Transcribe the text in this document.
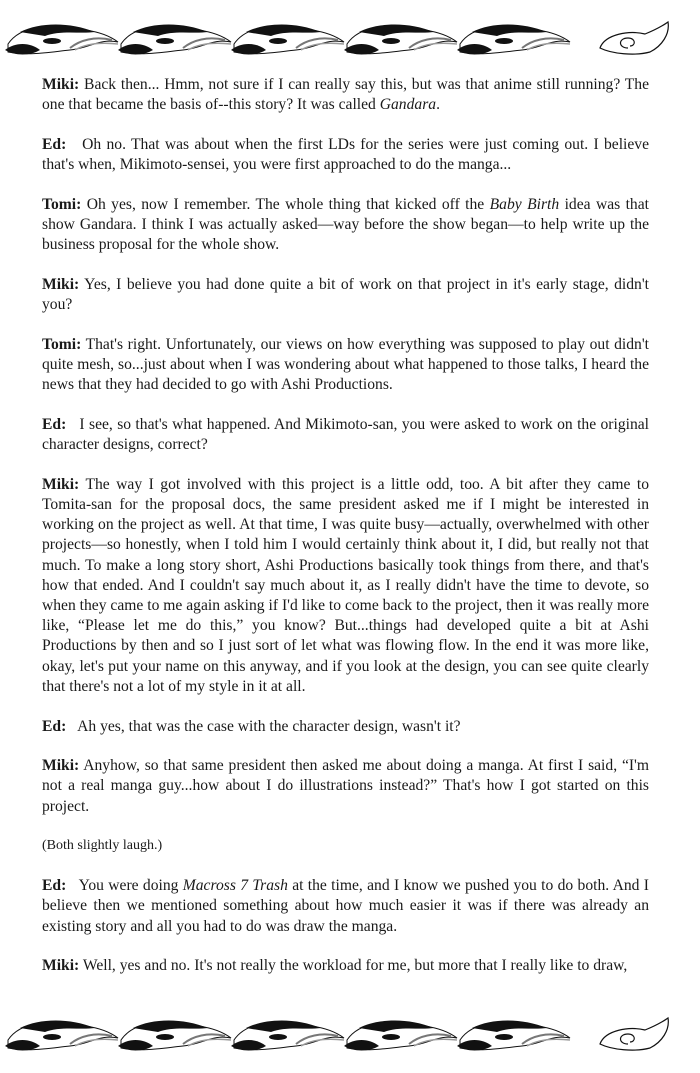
Miki: Back then... Hmm, not sure if I can really say this, but was that anime still running? The one that became the basis of--this story? It was called Gandara.

Ed:   Oh no. That was about when the first LDs for the series were just coming out. I believe that's when, Mikimoto-sensei, you were first approached to do the manga...

Tomi: Oh yes, now I remember. The whole thing that kicked off the Baby Birth idea was that show Gandara. I think I was actually asked—way before the show began—to help write up the business proposal for the whole show.

Miki: Yes, I believe you had done quite a bit of work on that project in it's early stage, didn't you?

Tomi: That's right. Unfortunately, our views on how everything was supposed to play out didn't quite mesh, so...just about when I was wondering about what happened to those talks, I heard the news that they had decided to go with Ashi Productions.

Ed:   I see, so that's what happened. And Mikimoto-san, you were asked to work on the original character designs, correct?

Miki: The way I got involved with this project is a little odd, too. A bit after they came to Tomita-san for the proposal docs, the same president asked me if I might be interested in working on the project as well. At that time, I was quite busy—actually, overwhelmed with other projects—so honestly, when I told him I would certainly think about it, I did, but really not that much. To make a long story short, Ashi Productions basically took things from there, and that's how that ended. And I couldn't say much about it, as I really didn't have the time to devote, so when they came to me again asking if I'd like to come back to the project, then it was really more like, “Please let me do this,” you know? But...things had developed quite a bit at Ashi Productions by then and so I just sort of let what was flowing flow. In the end it was more like, okay, let's put your name on this anyway, and if you look at the design, you can see quite clearly that there's not a lot of my style in it at all.

Ed:   Ah yes, that was the case with the character design, wasn't it?

Miki: Anyhow, so that same president then asked me about doing a manga. At first I said, “I'm not a real manga guy...how about I do illustrations instead?” That's how I got started on this project.

(Both slightly laugh.)

Ed:   You were doing Macross 7 Trash at the time, and I know we pushed you to do both. And I believe then we mentioned something about how much easier it was if there was already an existing story and all you had to do was draw the manga.

Miki: Well, yes and no. It's not really the workload for me, but more that I really like to draw,
